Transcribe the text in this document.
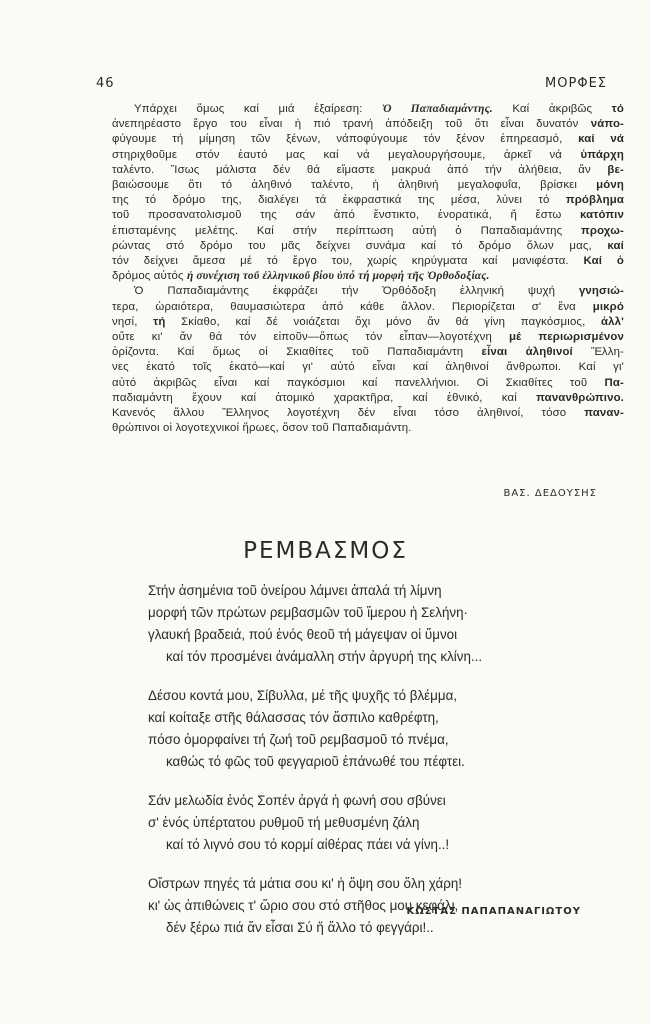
46	ΜΟΡΦΕΣ
Υπάρχει ὅμως καί μιά ἐξαίρεση: Ὁ Παπαδιαμάντης. Καί ἀκριβῶς τό
ἀνεπηρέαστο ἔργο του εἶναι ἡ πιό τρανή ἀπόδειξη τοῦ ὅτι εἶναι δυνατόν νάπο-
φύγουμε τή μίμηση τῶν ξένων, νάποφύγουμε τόν ξένον ἐπηρεασμό, καί νά
στηριχθοῦμε στόν ἑαυτό μας καί νά μεγαλουργήσουμε, ἀρκεῖ νά ὑπάρχη
ταλέντο. Ἴσως μάλιστα δέν θά εἴμαστε μακρυά ἀπό τήν ἀλήθεια, ἄν βε-
βαιώσουμε ὅτι τό ἀληθινό ταλέντο, ἡ ἀληθινή μεγαλοφυΐα, βρίσκει μόνη
της τό δρόμο της, διαλέγει τά ἐκφραστικά της μέσα, λύνει τό πρόβλημα
τοῦ προσανατολισμοῦ της σάν ἀπό ἔνστικτο, ἐνορατικά, ἤ ἔστω κατόπιν
ἐπισταμένης μελέτης. Καί στήν περίπτωση αὐτή ὁ Παπαδιαμάντης προχω-
ρώντας στό δρόμο του μᾶς δείχνει συνάμα καί τό δρόμο ὅλων μας, καί
τόν δείχνει ἄμεσα μέ τό ἔργο του, χωρίς κηρύγματα καί μανιφέστα. Καί ὁ
δρόμος αὐτός ἡ συνέχιση τοῦ ἑλληνικοῦ βίου ὑπό τή μορφή τῆς Ὀρθοδοξίας.
Ὁ Παπαδιαμάντης ἐκφράζει τήν Ὀρθόδοξη ἑλληνική ψυχή γνησιώ-
τερα, ὡραιότερα, θαυμασιώτερα ἀπό κάθε ἄλλον. Περιορίζεται σ' ἕνα μικρό
νησί, τή Σκίαθο, καί δέ νοιάζεται ὄχι μόνο ἄν θά γίνη παγκόσμιος, ἀλλ'
οὔτε κι' ἄν θά τόν εἰποῦν—ὅπως τόν εἶπαν—λογοτέχνη μέ περιωρισμένον
ὁρίζοντα. Καί ὅμως οἱ Σκιαθίτες τοῦ Παπαδιαμάντη εἶναι ἀληθινοί Ἕλλη-
νες ἑκατό τοῖς ἑκατό—καί γι' αὐτό εἶναι καί ἀληθινοί ἄνθρωποι. Καί γι'
αὐτό ἀκριβῶς εἶναι καί παγκόσμιοι καί πανελλήνιοι. Οἱ Σκιαθίτες τοῦ Πα-
παδιαμάντη ἔχουν καί ἀτομικό χαρακτῆρα, καί ἐθνικό, καί πανανθρώπινο.
Κανενός ἄλλου Ἕλληνος λογοτέχνη δέν εἶναι τόσο ἀληθινοί, τόσο παναν-
θρώπινοι οἱ λογοτεχνικοί ἥρωες, ὅσον τοῦ Παπαδιαμάντη.
ΒΑΣ. ΔΕΔΟΥΣΗΣ
ΡΕΜΒΑΣΜΟΣ
Στήν ἀσημένια τοῦ ὀνείρου λάμνει ἁπαλά τή λίμνη
μορφή τῶν πρώτων ρεμβασμῶν τοῦ ἵμερου ἡ Σελήνη·
γλαυκή βραδειά, πού ἑνός θεοῦ τή μάγεψαν οἱ ὕμνοι
καί τόν προσμένει ἀνάμαλλη στήν ἀργυρή της κλίνη...
Δέσου κοντά μου, Σίβυλλα, μέ τῆς ψυχῆς τό βλέμμα,
καί κοίταξε στῆς θάλασσας τόν ἄσπιλο καθρέφτη,
πόσο ὀμορφαίνει τή ζωή τοῦ ρεμβασμοῦ τό πνέμα,
καθώς τό φῶς τοῦ φεγγαριοῦ ἐπάνωθέ του πέφτει.
Σάν μελωδία ἑνός Σοπέν ἀργά ἡ φωνή σου σβύνει
σ' ἑνός ὑπέρτατου ρυθμοῦ τή μεθυσμένη ζάλη
καί τό λιγνό σου τό κορμί αἰθέρας πάει νά γίνη..!
Οἴστρων πηγές τά μάτια σου κι' ἡ ὄψη σου ὅλη χάρη!
κι' ὡς ἀπιθώνεις τ' ὥριο σου στό στῆθος μου κεφάλι,
δέν ξέρω πιά ἄν εἶσαι Σύ ἤ ἄλλο τό φεγγάρι!..
ΚΩΣΤΑΣ ΠΑΠΑΠΑΝΑΓΙΩΤΟΥ
